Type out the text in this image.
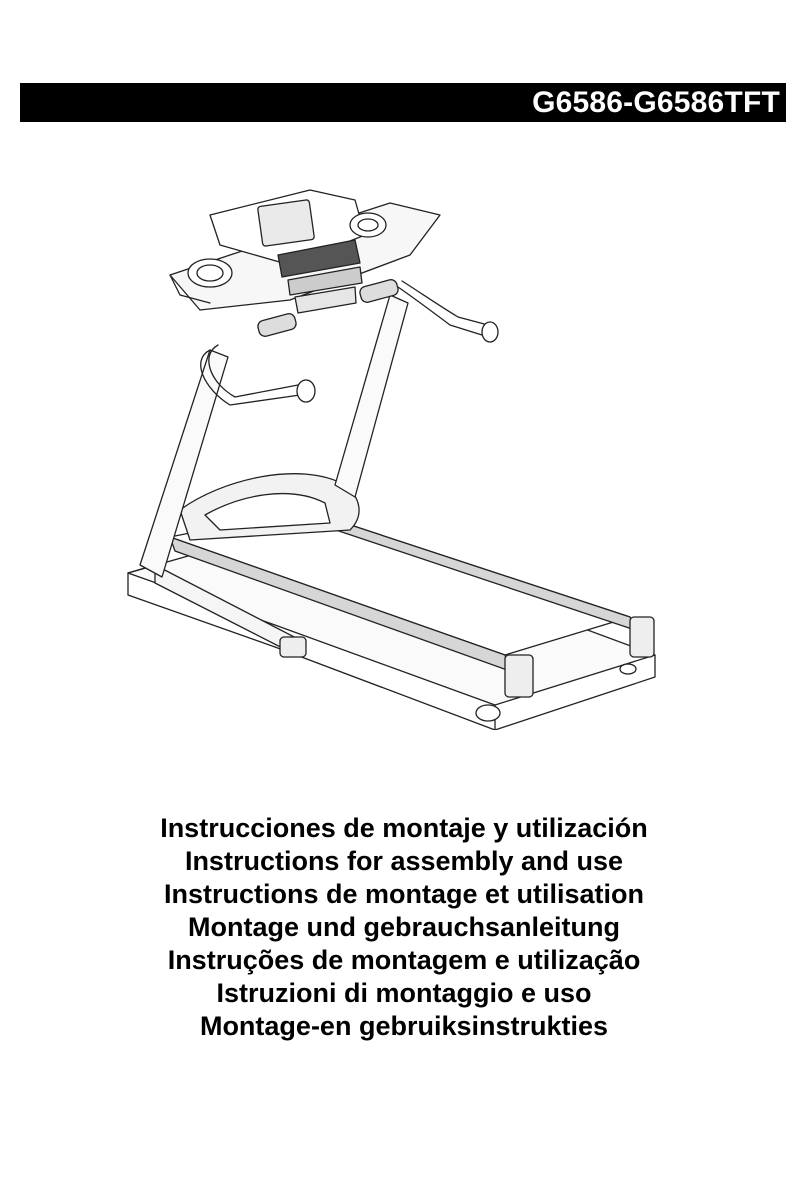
G6586-G6586TFT
Instrucciones de montaje y utilización
Instructions for assembly and use
Instructions de montage et utilisation
Montage und gebrauchsanleitung
Instruções de montagem e utilização
Istruzioni di montaggio e uso
Montage-en gebruiksinstrukties
